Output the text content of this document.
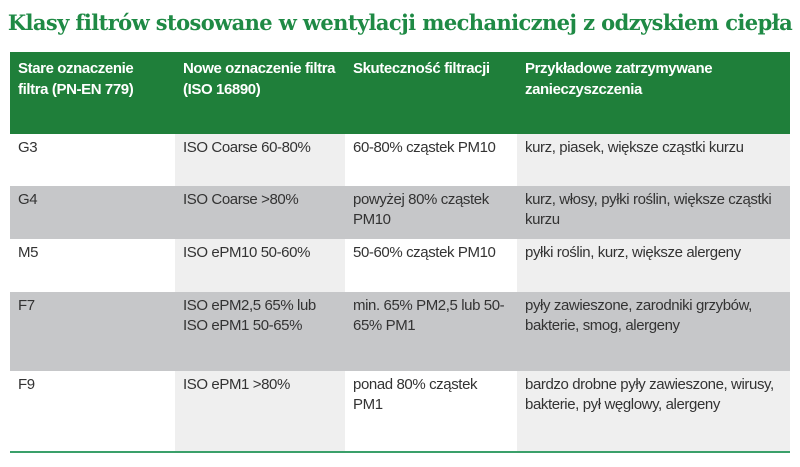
Klasy filtrów stosowane w wentylacji mechanicznej z odzyskiem ciepła
Stare oznaczenie filtra (PN-EN 779)	Nowe oznaczenie filtra (ISO 16890)	Skuteczność filtracji	Przykładowe zatrzymywane zanieczyszczenia
G3	ISO Coarse 60-80%	60-80% cząstek PM10	kurz, piasek, większe cząstki kurzu
G4	ISO Coarse >80%	powyżej 80% cząstek PM10	kurz, włosy, pyłki roślin, większe cząstki kurzu
M5	ISO ePM10 50-60%	50-60% cząstek PM10	pyłki roślin, kurz, większe alergeny
F7	ISO ePM2,5 65% lub ISO ePM1 50-65%	min. 65% PM2,5 lub 50-65% PM1	pyły zawieszone, zarodniki grzybów, bakterie, smog, alergeny
F9	ISO ePM1 >80%	ponad 80% cząstek PM1	bardzo drobne pyły zawieszone, wirusy, bakterie, pył węglowy, alergeny
